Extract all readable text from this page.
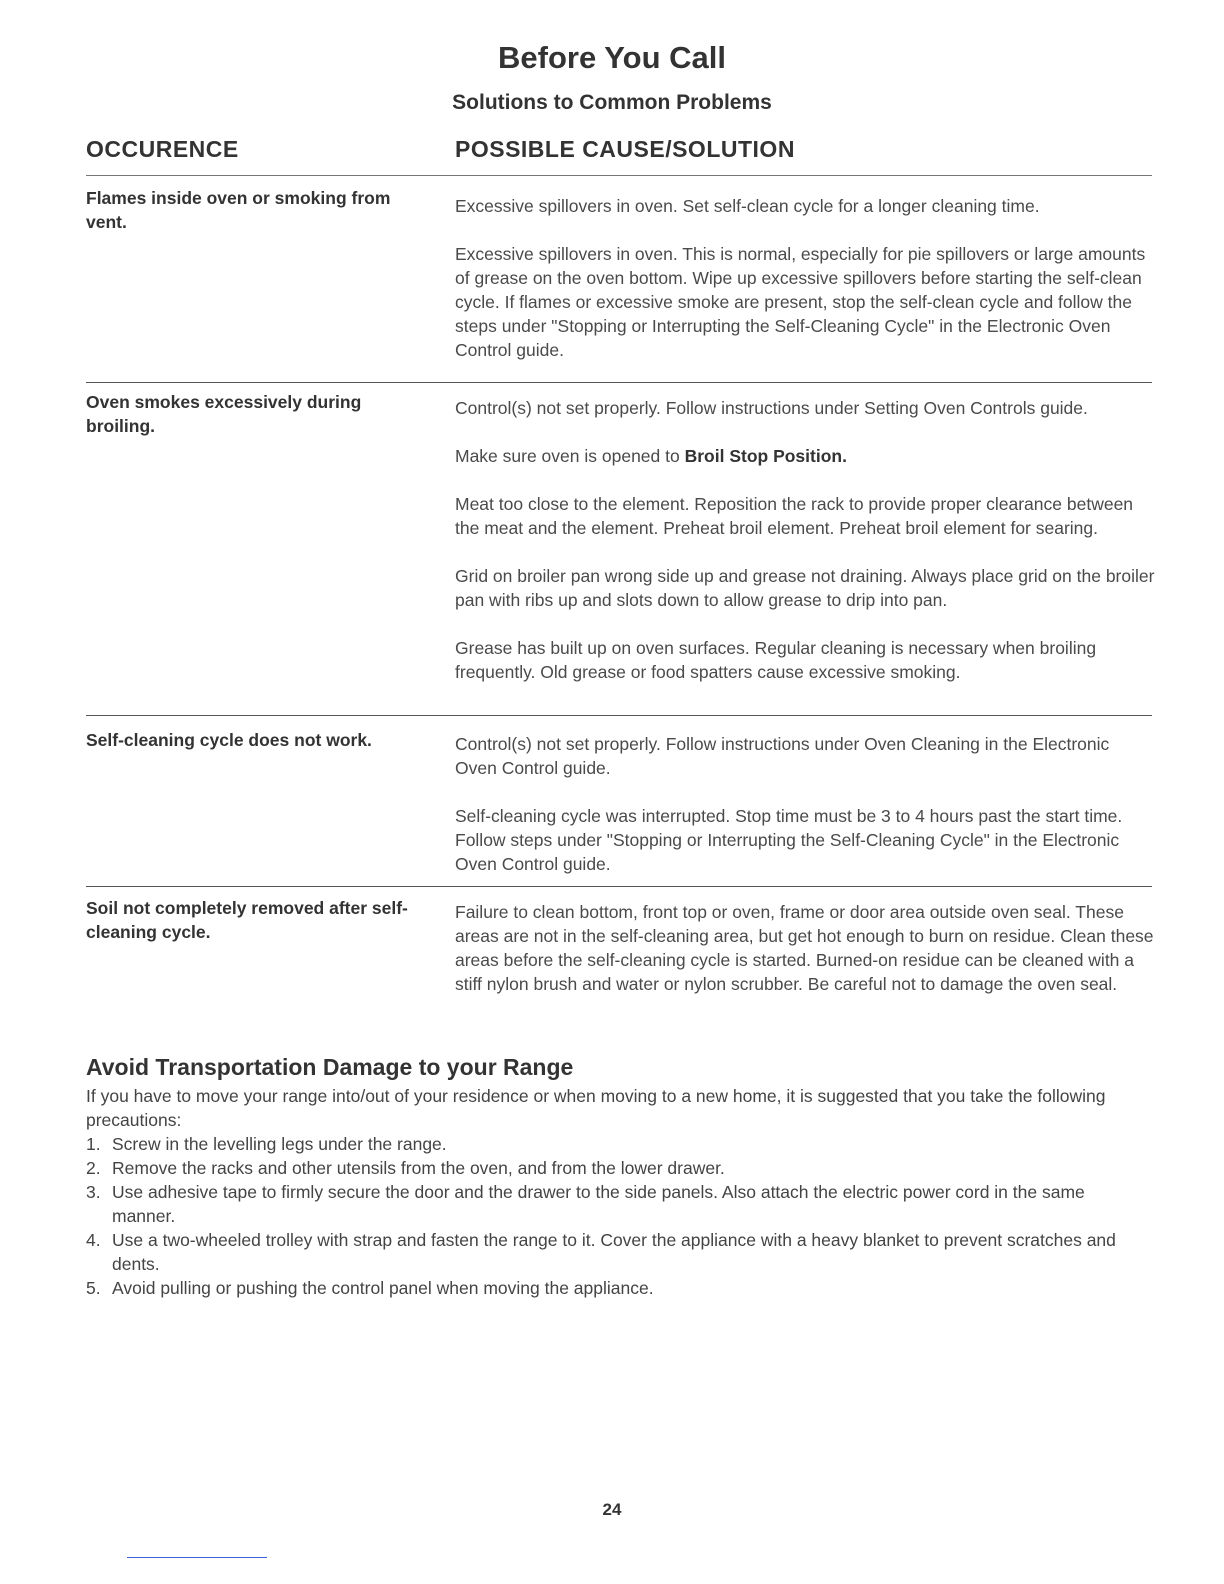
Before You Call
Solutions to Common Problems
OCCURENCE	POSSIBLE CAUSE/SOLUTION
Flames inside oven or smoking from vent.

Excessive spillovers in oven. Set self-clean cycle for a longer cleaning time.

Excessive spillovers in oven. This is normal, especially for pie spillovers or large amounts of grease on the oven bottom. Wipe up excessive spillovers before starting the self-clean cycle. If flames or excessive smoke are present, stop the self-clean cycle and follow the steps under "Stopping or Interrupting the Self-Cleaning Cycle" in the Electronic Oven Control guide.

Oven smokes excessively during broiling.

Control(s) not set properly. Follow instructions under Setting Oven Controls guide.

Make sure oven is opened to Broil Stop Position.

Meat too close to the element. Reposition the rack to provide proper clearance between the meat and the element. Preheat broil element. Preheat broil element for searing.

Grid on broiler pan wrong side up and grease not draining. Always place grid on the broiler pan with ribs up and slots down to allow grease to drip into pan.

Grease has built up on oven surfaces. Regular cleaning is necessary when broiling frequently. Old grease or food spatters cause excessive smoking.

Self-cleaning cycle does not work.	Control(s) not set properly. Follow instructions under Oven Cleaning in the Electronic Oven Control guide.

Self-cleaning cycle was interrupted. Stop time must be 3 to 4 hours past the start time. Follow steps under "Stopping or Interrupting the Self-Cleaning Cycle" in the Electronic Oven Control guide.

Soil not completely removed after self-cleaning cycle.

Failure to clean bottom, front top or oven, frame or door area outside oven seal. These areas are not in the self-cleaning area, but get hot enough to burn on residue. Clean these areas before the self-cleaning cycle is started. Burned-on residue can be cleaned with a stiff nylon brush and water or nylon scrubber. Be careful not to damage the oven seal.

Avoid Transportation Damage to your Range

If you have to move your range into/out of your residence or when moving to a new home, it is suggested that you take the following precautions:

1. Screw in the levelling legs under the range.
2. Remove the racks and other utensils from the oven, and from the lower drawer.
3. Use adhesive tape to firmly secure the door and the drawer to the side panels. Also attach the electric power cord in the same manner.
4. Use a two-wheeled trolley with strap and fasten the range to it. Cover the appliance with a heavy blanket to prevent scratches and dents.
5. Avoid pulling or pushing the control panel when moving the appliance.
24
